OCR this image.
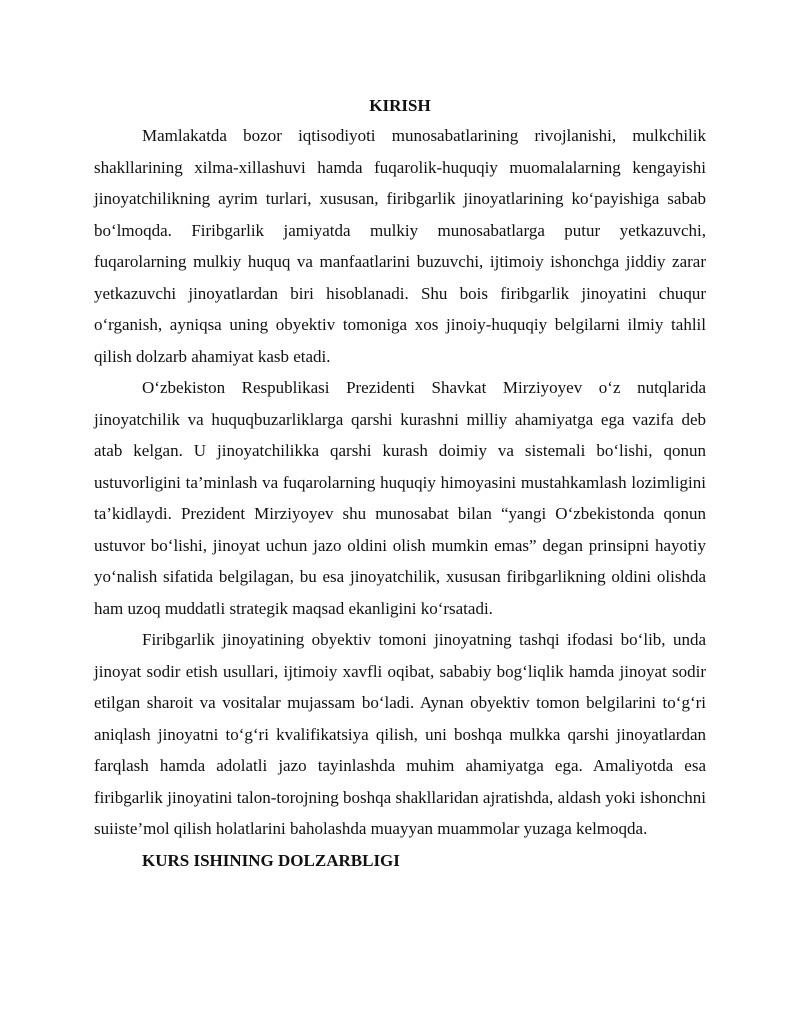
KIRISH

Mamlakatda bozor iqtisodiyoti munosabatlarining rivojlanishi, mulkchilik shakllarining xilma-xillashuvi hamda fuqarolik-huquqiy muomalalarning kengayishi jinoyatchilikning ayrim turlari, xususan, firibgarlik jinoyatlarining ko‘payishiga sabab bo‘lmoqda. Firibgarlik jamiyatda mulkiy munosabatlarga putur yetkazuvchi, fuqarolarning mulkiy huquq va manfaatlarini buzuvchi, ijtimoiy ishonchga jiddiy zarar yetkazuvchi jinoyatlardan biri hisoblanadi. Shu bois firibgarlik jinoyatini chuqur o‘rganish, ayniqsa uning obyektiv tomoniga xos jinoiy-huquqiy belgilarni ilmiy tahlil qilish dolzarb ahamiyat kasb etadi.

O‘zbekiston Respublikasi Prezidenti Shavkat Mirziyoyev o‘z nutqlarida jinoyatchilik va huquqbuzarliklarga qarshi kurashni milliy ahamiyatga ega vazifa deb atab kelgan. U jinoyatchilikka qarshi kurash doimiy va sistemali bo‘lishi, qonun ustuvorligini ta’minlash va fuqarolarning huquqiy himoyasini mustahkamlash lozimligini ta’kidlaydi. Prezident Mirziyoyev shu munosabat bilan “yangi O‘zbekistonda qonun ustuvor bo‘lishi, jinoyat uchun jazo oldini olish mumkin emas” degan prinsipni hayotiy yo‘nalish sifatida belgilagan, bu esa jinoyatchilik, xususan firibgarlikning oldini olishda ham uzoq muddatli strategik maqsad ekanligini ko‘rsatadi.

Firibgarlik jinoyatining obyektiv tomoni jinoyatning tashqi ifodasi bo‘lib, unda jinoyat sodir etish usullari, ijtimoiy xavfli oqibat, sababiy bog‘liqlik hamda jinoyat sodir etilgan sharoit va vositalar mujassam bo‘ladi. Aynan obyektiv tomon belgilarini to‘g‘ri aniqlash jinoyatni to‘g‘ri kvalifikatsiya qilish, uni boshqa mulkka qarshi jinoyatlardan farqlash hamda adolatli jazo tayinlashda muhim ahamiyatga ega. Amaliyotda esa firibgarlik jinoyatini talon-torojning boshqa shakllaridan ajratishda, aldash yoki ishonchni suiiste’mol qilish holatlarini baholashda muayyan muammolar yuzaga kelmoqda.

KURS ISHINING DOLZARBLIGI
